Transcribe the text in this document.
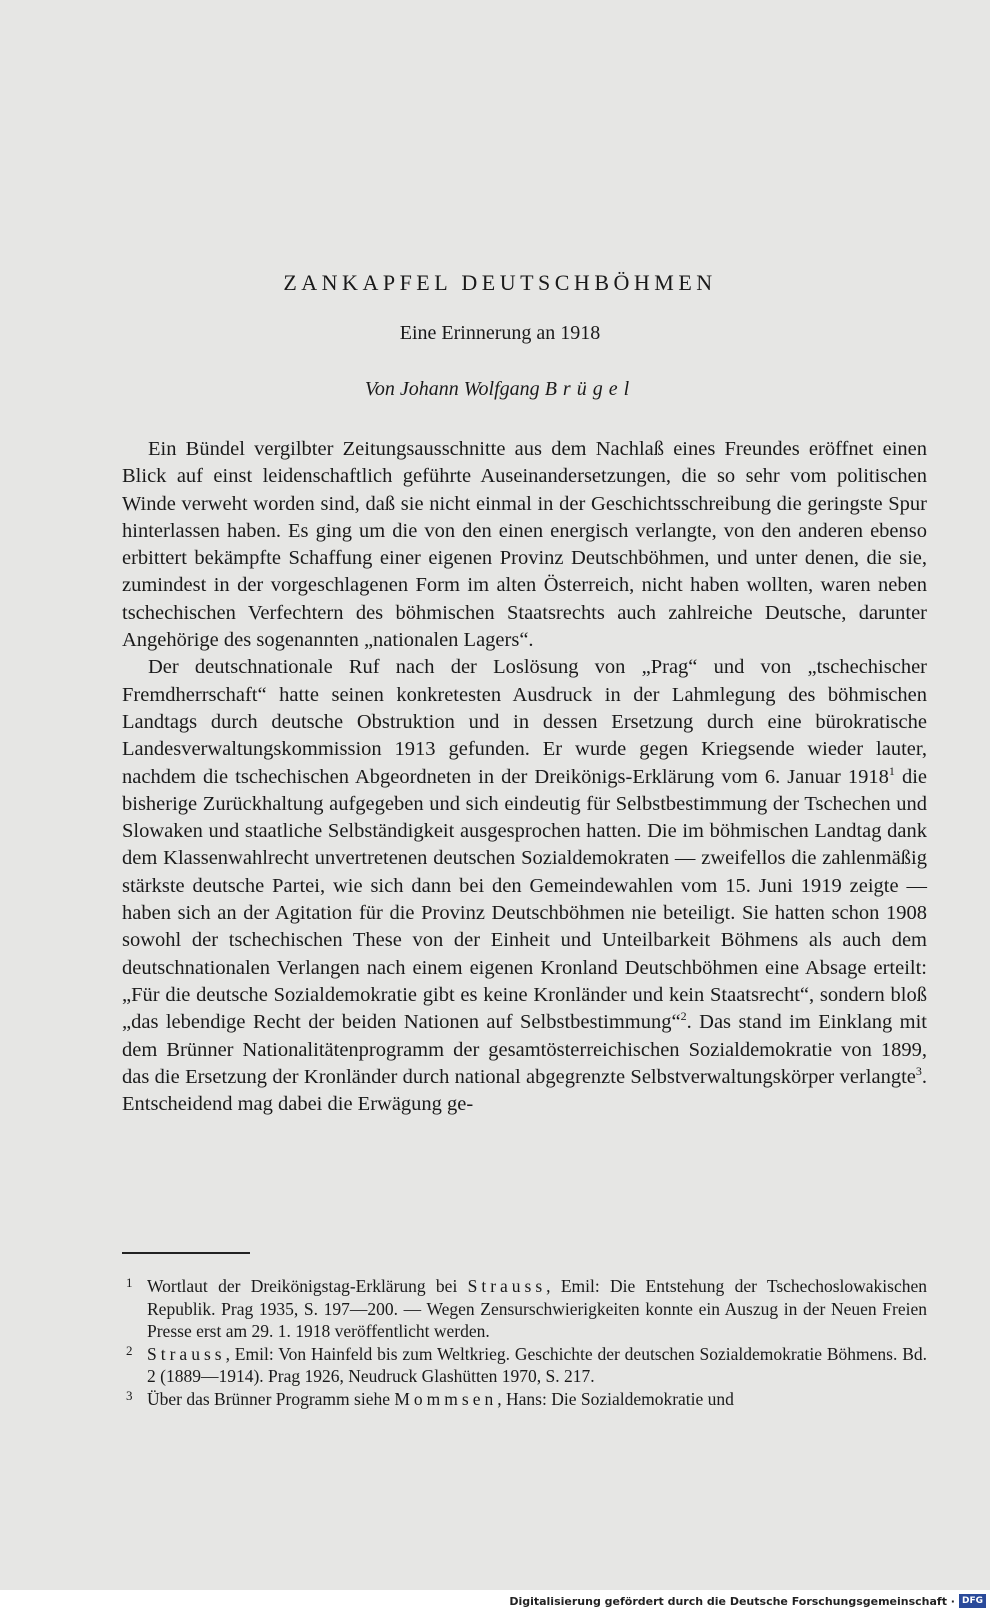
ZANKAPFEL DEUTSCHBÖHMEN
Eine Erinnerung an 1918
Von Johann Wolfgang Brügel

Ein Bündel vergilbter Zeitungsausschnitte aus dem Nachlaß eines Freundes eröffnet einen Blick auf einst leidenschaftlich geführte Auseinandersetzungen, die so sehr vom politischen Winde verweht worden sind, daß sie nicht einmal in der Geschichtsschreibung die geringste Spur hinterlassen haben. Es ging um die von den einen energisch verlangte, von den anderen ebenso erbittert bekämpfte Schaffung einer eigenen Provinz Deutschböhmen, und unter denen, die sie, zumindest in der vorgeschlagenen Form im alten Österreich, nicht haben wollten, waren neben tschechischen Verfechtern des böhmischen Staatsrechts auch zahlreiche Deutsche, darunter Angehörige des sogenannten „nationalen Lagers“.

Der deutschnationale Ruf nach der Loslösung von „Prag“ und von „tschechischer Fremdherrschaft“ hatte seinen konkretesten Ausdruck in der Lahmlegung des böhmischen Landtags durch deutsche Obstruktion und in dessen Ersetzung durch eine bürokratische Landesverwaltungskommission 1913 gefunden. Er wurde gegen Kriegsende wieder lauter, nachdem die tschechischen Abgeordneten in der Dreikönigs-Erklärung vom 6. Januar 1918$^1$ die bisherige Zurückhaltung aufgegeben und sich eindeutig für Selbstbestimmung der Tschechen und Slowaken und staatliche Selbständigkeit ausgesprochen hatten. Die im böhmischen Landtag dank dem Klassenwahlrecht unvertretenen deutschen Sozialdemokraten — zweifellos die zahlenmäßig stärkste deutsche Partei, wie sich dann bei den Gemeindewahlen vom 15. Juni 1919 zeigte — haben sich an der Agitation für die Provinz Deutschböhmen nie beteiligt. Sie hatten schon 1908 sowohl der tschechischen These von der Einheit und Unteilbarkeit Böhmens als auch dem deutschnationalen Verlangen nach einem eigenen Kronland Deutschböhmen eine Absage erteilt: „Für die deutsche Sozialdemokratie gibt es keine Kronländer und kein Staatsrecht“, sondern bloß „das lebendige Recht der beiden Nationen auf Selbstbestimmung“$^2$. Das stand im Einklang mit dem Brünner Nationalitätenprogramm der gesamtösterreichischen Sozialdemokratie von 1899, das die Ersetzung der Kronländer durch national abgegrenzte Selbstverwaltungskörper verlangte$^3$. Entscheidend mag dabei die Erwägung ge-

1 Wortlaut der Dreikönigstag-Erklärung bei Strauss, Emil: Die Entstehung der Tschechoslowakischen Republik. Prag 1935, S. 197—200. — Wegen Zensurschwierigkeiten konnte ein Auszug in der Neuen Freien Presse erst am 29. 1. 1918 veröffentlicht werden.
2 Strauss, Emil: Von Hainfeld bis zum Weltkrieg. Geschichte der deutschen Sozialdemokratie Böhmens. Bd. 2 (1889—1914). Prag 1926, Neudruck Glashütten 1970, S. 217.
3 Über das Brünner Programm siehe Mommsen, Hans: Die Sozialdemokratie und
Digitalisierung gefördert durch die Deutsche Forschungsgemeinschaft · DFG
